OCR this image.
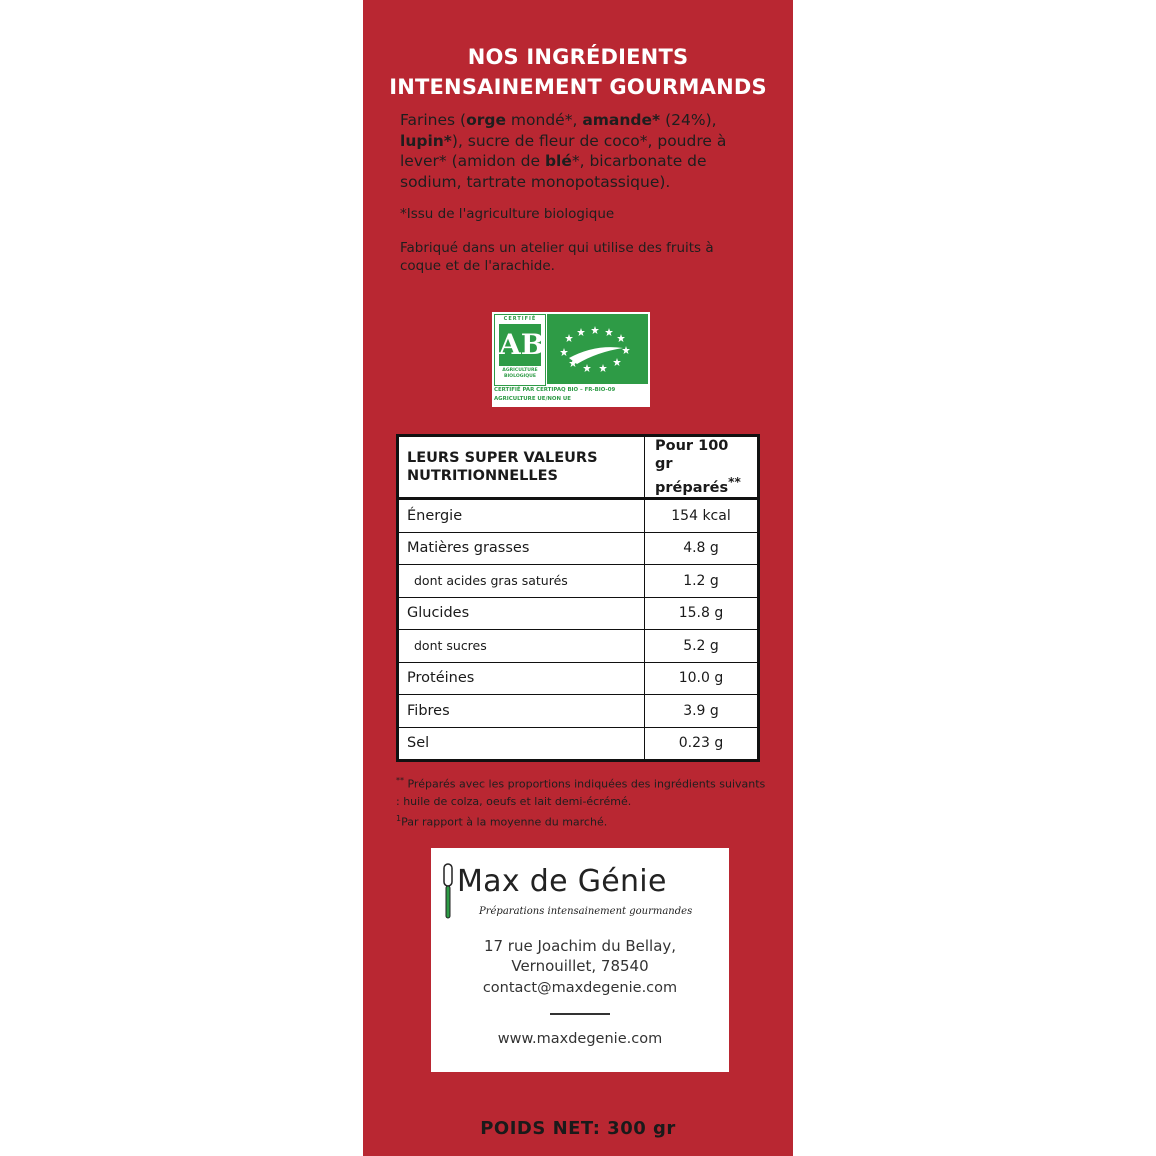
NOS INGRÉDIENTS
INTENSAINEMENT GOURMANDS
Farines (orge mondé*, amande* (24%), lupin*), sucre de fleur de coco*, poudre à lever* (amidon de blé*, bicarbonate de sodium, tartrate monopotassique).
*Issu de l'agriculture biologique
Fabriqué dans un atelier qui utilise des fruits à coque et de l'arachide.
CERTIFIÉ
AB
AGRICULTURE BIOLOGIQUE
CERTIFIÉ PAR CERTIPAQ BIO – FR-BIO-09
AGRICULTURE UE/NON UE
LEURS SUPER VALEURS NUTRITIONNELLES	Pour 100 gr préparés**
Énergie	154 kcal
Matières grasses	4.8 g
dont acides gras saturés	1.2 g
Glucides	15.8 g
dont sucres	5.2 g
Protéines	10.0 g
Fibres	3.9 g
Sel	0.23 g
** Préparés avec les proportions indiquées des ingrédients suivants : huile de colza, oeufs et lait demi-écrémé.
$^1$Par rapport à la moyenne du marché.
Max de Génie
Préparations intensainement gourmandes
17 rue Joachim du Bellay,
Vernouillet, 78540
contact@maxdegenie.com
www.maxdegenie.com
POIDS NET: 300 gr
